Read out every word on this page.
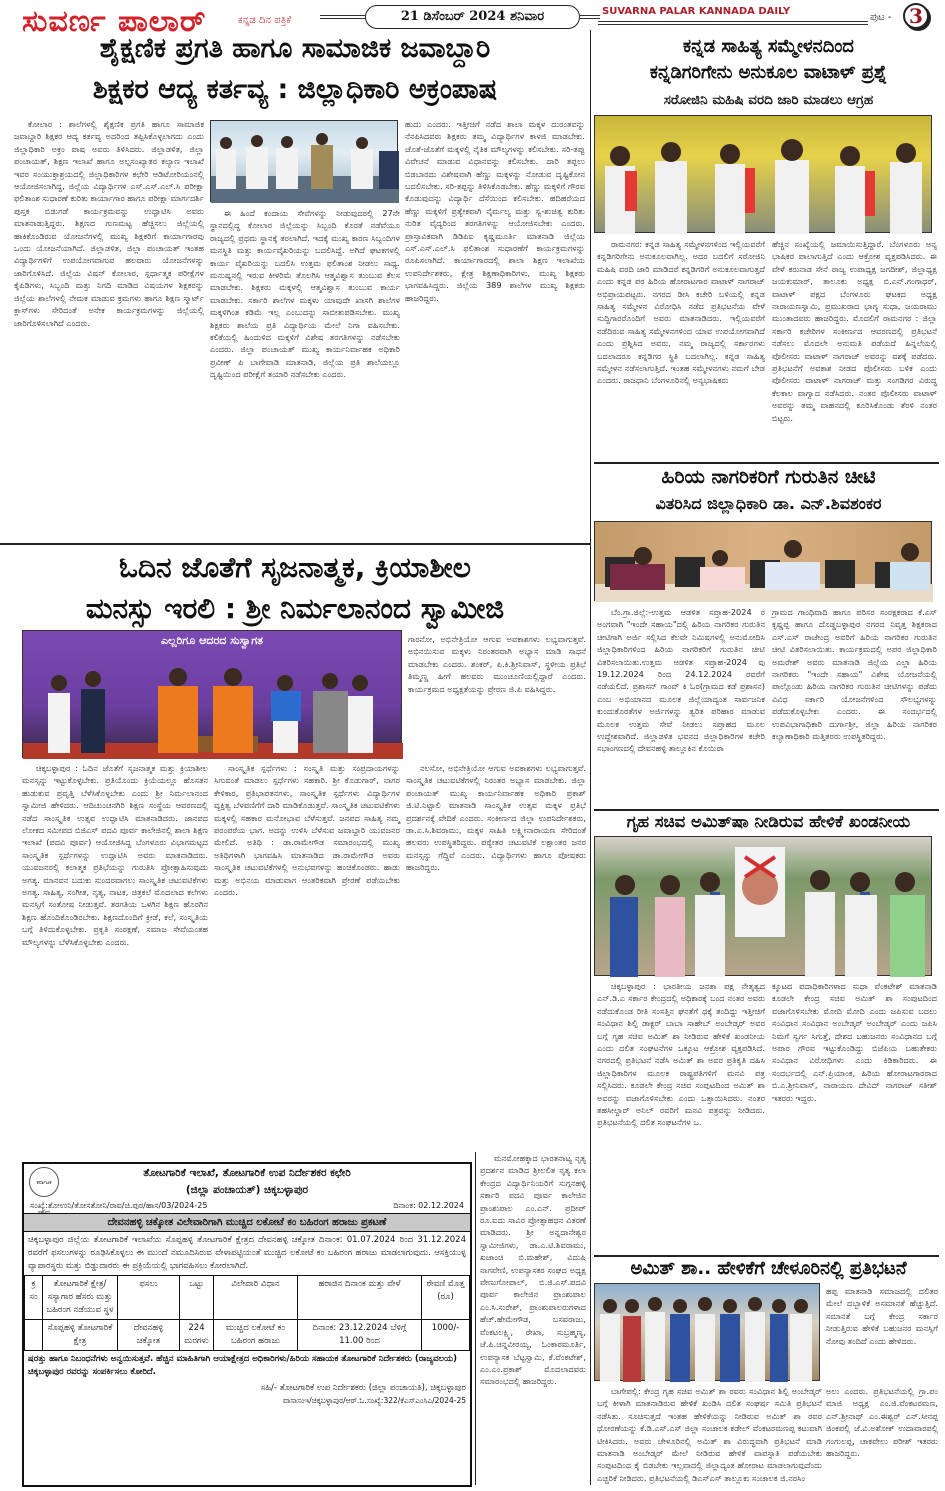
ಸುವರ್ಣ ಪಾಲಾರ್	ಕನ್ನಡ ದಿನ ಪತ್ರಿಕೆ	21 ಡಿಸೆಂಬರ್ 2024 ಶನಿವಾರ	SUVARNA PALAR KANNADA DAILY
ಪುಟ - 3
ಶೈಕ್ಷಣಿಕ ಪ್ರಗತಿ ಹಾಗೂ ಸಾಮಾಜಿಕ ಜವಾಬ್ದಾರಿ
ಶಿಕ್ಷಕರ ಆದ್ಯ ಕರ್ತವ್ಯ : ಜಿಲ್ಲಾಧಿಕಾರಿ ಅಕ್ರಂಪಾಷ
ಕೋಲಾರ : ಶಾಲೆಗಳಲ್ಲಿ ಶೈಕ್ಷಣಿಕ ಪ್ರಗತಿ ಹಾಗೂ ಸಾಮಾಜಿಕ ಜವಾಬ್ದಾರಿ ಶಿಕ್ಷಕರ ಆದ್ಯ ಕರ್ತವ್ಯ ಅದರಿಂದ ತಪ್ಪಿಸಿಕೊಳ್ಳಲಾಗದು ಎಂದು ಜಿಲ್ಲಾಧಿಕಾರಿ ಅಕ್ರಂ ಪಾಷ ಅವರು ತಿಳಿಸಿದರು. ಜಿಲ್ಲಾಡಳಿತ, ಜಿಲ್ಲಾ ಪಂಚಾಯತ್, ಶಿಕ್ಷಣ ಇಲಾಖೆ ಹಾಗೂ ಅಲ್ಪಸಂಖ್ಯಾತರ ಕಲ್ಯಾಣ ಇಲಾಖೆ ಇವರ ಸಂಯುಕ್ತಾಶ್ರಯದಲ್ಲಿ ಜಿಲ್ಲಾಧಿಕಾರಿಗಳ ಕಛೇರಿ ಆಡಿಟೋರಿಯಂನಲ್ಲಿ ಆಯೋಜಿಸಲಾಗಿದ್ದ, ಜಿಲ್ಲೆಯ ವಿದ್ಯಾರ್ಥಿಗಳ ಎಸ್.ಎಸ್.ಎಲ್.ಸಿ ಪರೀಕ್ಷಾ ಫಲಿತಾಂಶ ಸುಧಾರಣೆ ಕುರಿತು ಕಾರ್ಯಾಗಾರ ಹಾಗೂ ಪರೀಕ್ಷಾ ಮಾರ್ಗದರ್ಶಿ ಪುಸ್ತಕ ಬಿಡುಗಡೆ ಕಾರ್ಯಕ್ರಮವನ್ನು ಉದ್ಘಾಟಿಸಿ ಅವರು ಮಾತನಾಡುತ್ತಿದ್ದರು. ಶಿಕ್ಷಣದ ಗುಣಮಟ್ಟ ಹೆಚ್ಚಿಸಲು ಜಿಲ್ಲೆಯಲ್ಲಿ ಹಾಕಿಕೊಂಡಿರುವ ಯೋಜನೆಗಳಲ್ಲಿ ಮುಖ್ಯ ಶಿಕ್ಷಕರಿಗೆ ಕಾರ್ಯಾಗಾರವು ಒಂದು ಯೋಜನೆಯಾಗಿದೆ. ಜಿಲ್ಲಾಡಳಿತ, ಜಿಲ್ಲಾ ಪಂಚಾಯತ್ ಇಂತಹ ವಿದ್ಯಾರ್ಥಿಗಳಿಗೆ ಉಪಯೋಗವಾಗುವ ಹಲವಾರು ಯೋಜನೆಗಳನ್ನು ಜಾರಿಗೊಳಿಸಿದೆ. ಜಿಲ್ಲೆಯ ವಿಷನ್ ಕೋಲಾರ, ಸ್ಪರ್ಧಾತ್ಮಕ ಪರೀಕ್ಷೆಗಳ ಕೈಪಿಡಿಗಳು, ಸಿಬ್ಬಂದಿ ಮತ್ತು ನಿಗದಿ ಮಾಡಿದ ವಿಷಯಗಳ ಶಿಕ್ಷಕರನ್ನು ಜಿಲ್ಲೆಯ ಶಾಲೆಗಳಲ್ಲಿ ನೇಮಕ ಮಾಡುವ ಕ್ರಮಗಳು ಹಾಗೂ ಶಿಕ್ಷಣ ಸ್ಮಾರ್ಟ್ ಕ್ಲಾಸ್‌ಗಳು ಸೇರಿದಂತೆ ಅನೇಕ ಕಾರ್ಯಕ್ರಮಗಳನ್ನು ಜಿಲ್ಲೆಯಲ್ಲಿ ಜಾರಿಗೊಳಿಸಲಾಗಿದೆ ಎಂದರು.
ಈ ಹಿಂದೆ ಕಂದಾಯ ಸೇವೆಗಳನ್ನು ನೀಡುವುದರಲ್ಲಿ 27ನೇ ಸ್ಥಾನದಲ್ಲಿದ್ದ ಕೋಲಾರ ಜಿಲ್ಲೆಯನ್ನು ಸಿಬ್ಬಂದಿ ಕೊರತೆ ನಡೆವೆಯೂ ರಾಜ್ಯದಲ್ಲಿ ಪ್ರಥಮ ಸ್ಥಾನಕ್ಕೆ ತರಲಾಗಿದೆ. ಇದಕ್ಕೆ ಮುಖ್ಯ ಕಾರಣ ಸಿಬ್ಬಂದಿಗಳ ಮನಸ್ಥಿತಿ ಮತ್ತು ಕಾರ್ಯವೈಖರಿಯನ್ನು ಬದಲಿಸಿದ್ದೆ. ಅಗಿದೆ ಘಟಕಗಳಲ್ಲಿ ಕಾರ್ಯ ವೈಖರಿಯನ್ನು ಬದಲಿಸಿ ಉತ್ತಮ ಫಲಿತಾಂಶ ನೀಡಲು ಸಾಧ್ಯ. ಮನುಷ್ಯನಲ್ಲಿ ಇರುವ ಕೀಳರಿಮೆ ತೊಲಗಿಸಿ ಆತ್ಮವಿಶ್ವಾಸ ತುಂಬುವ ಕೆಲಸ ಮಾಡಬೇಕು. ಶಿಕ್ಷಕರು ಮಕ್ಕಳಲ್ಲಿ ಆತ್ಮವಿಶ್ವಾಸ ತುಂಬುವ ಕಾರ್ಯ ಮಾಡಬೇಕು. ಸರ್ಕಾರಿ ಶಾಲೆಗಳ ಮಕ್ಕಳು ಯಾವುದೇ ಖಾಸಗಿ ಶಾಲೆಗಳ ಮಕ್ಕಳಿಗಿಂತ ಕಡಿಮೆ ಇಲ್ಲ ಎಂಬುದನ್ನು ಸಾಬೀತುಪಡಿಸಬೇಕು. ಮುಖ್ಯ ಶಿಕ್ಷಕರು ಶಾಲೆಯ ಪ್ರತಿ ವಿದ್ಯಾರ್ಥಿಯ ಮೇಲೆ ನಿಗಾ ವಹಿಸಬೇಕು. ಕಲಿಕೆಯಲ್ಲಿ ಹಿಂದುಳಿದ ಮಕ್ಕಳಿಗೆ ವಿಶೇಷ ತರಗತಿಗಳನ್ನು ನಡೆಸಬೇಕು ಎಂದರು. ಜಿಲ್ಲಾ ಪಂಚಾಯತ್ ಮುಖ್ಯ ಕಾರ್ಯನಿರ್ವಾಹಕ ಅಧಿಕಾರಿ ಪ್ರವೀಣ್ ಪಿ ಬಾಗೇವಾಡಿ ಮಾತನಾಡಿ, ಜಿಲ್ಲೆಯ ಪ್ರತಿ ಶಾಲೆಯಲ್ಲೂ ದೃಷ್ಟಿಯಿಂದ ಪರೀಕ್ಷೆಗೆ ತಯಾರಿ ನಡೆಸಬೇಕು ಎಂದರು.
ಹುದು ಎಂದರು. ಇತ್ತೀಚಿಗೆ ನಡೆದ ಶಾಲಾ ಮಕ್ಕಳ ದುರಂತವನ್ನು ನೆನಪಿಸಿದವರು ಶಿಕ್ಷಕರು ತಮ್ಮ ವಿದ್ಯಾರ್ಥಿಗಳ ಕಾಳಜಿ ಮಾಡಬೇಕು. ಜೊತೆ-ಜೊತೆಗೆ ಮಕ್ಕಳಲ್ಲಿ ನೈತಿಕ ಮೌಲ್ಯಗಳನ್ನು ಕಲಿಸಬೇಕು. ಸರಿ-ತಪ್ಪು ವಿವೇಚನೆ ಮಾಡುವ ವಿಧಾನವನ್ನು ಕಲಿಸಬೇಕು. ದಾರಿ ತಪ್ಪಲು ಬಿಡಬಾರದು ವಿಶೇಷವಾಗಿ ಹೆಣ್ಣು ಮಕ್ಕಳನ್ನು ನೋಡುವ ದೃಷ್ಟಿಕೋನ ಬದಲಿಸಬೇಕು. ಸರಿ-ತಪ್ಪನ್ನು ತಿಳಿಸಿಕೊಡಬೇಕು. ಹೆಣ್ಣು ಮಕ್ಕಳಿಗೆ ಗೌರವ ಕೊಡುವುದನ್ನು ವಿದ್ಯಾರ್ಥಿ ದೆಸೆಯಿಂದ ಕಲಿಸಬೇಕು. ಹದಿಹರೆಯದ ಹೆಣ್ಣು ಮಕ್ಕಳಿಗೆ ಪ್ರತ್ಯೇಕವಾಗಿ ನೈರ್ಮಲ್ಯ ಮತ್ತು ಸ್ವ-ಶುಚಿತ್ವ ಕುರಿತು ನುರಿತ ವೈದ್ಯರಿಂದ ತರಗತಿಗಳನ್ನು ಆಯೋಜಿಸಬೇಕು ಎಂದರು. ಪ್ರಾಸ್ತಾವಿಕವಾಗಿ ಡಿಡಿಪಿಐ ಕೃಷ್ಣಮೂರ್ತಿ ಮಾತನಾಡಿ ಜಿಲ್ಲೆಯ ಎಸ್.ಎಸ್.ಎಲ್.ಸಿ ಫಲಿತಾಂಶ ಸುಧಾರಣೆಗೆ ಕಾರ್ಯಕ್ರಮಗಳನ್ನು ರೂಪಿಸಲಾಗಿದೆ. ಕಾರ್ಯಾಗಾರದಲ್ಲಿ ಶಾಲಾ ಶಿಕ್ಷಣ ಇಲಾಖೆಯ ಉಪನಿರ್ದೇಶಕರು, ಕ್ಷೇತ್ರ ಶಿಕ್ಷಣಾಧಿಕಾರಿಗಳು, ಮುಖ್ಯ ಶಿಕ್ಷಕರು ಭಾಗವಹಿಸಿದ್ದರು. ಜಿಲ್ಲೆಯ 389 ಶಾಲೆಗಳ ಮುಖ್ಯ ಶಿಕ್ಷಕರು ಹಾಜರಿದ್ದರು.
ಕನ್ನಡ ಸಾಹಿತ್ಯ ಸಮ್ಮೇಳನದಿಂದ
ಕನ್ನಡಿಗರಿಗೇನು ಅನುಕೂಲ ವಾಟಾಳ್ ಪ್ರಶ್ನೆ
ಸರೋಜಿನಿ ಮಹಿಷಿ ವರದಿ ಜಾರಿ ಮಾಡಲು ಆಗ್ರಹ
ರಾಮನಗರ: ಕನ್ನಡ ಸಾಹಿತ್ಯ ಸಮ್ಮೇಳನಗಳಿಂದ ಇಲ್ಲಿಯವರೆಗೆ ಕನ್ನಡಿಗರಿಗೇನು ಅನುಕೂಲವಾಗಿಲ್ಲ. ಅದರ ಬದಲಿಗೆ ಸರೋಜಿನಿ ಮಹಿಷಿ ವರದಿ ಜಾರಿ ಮಾಡಿದರೆ ಕನ್ನಡಿಗರಿಗೆ ಅನುಕೂಲವಾಗುತ್ತದೆ ಎಂದು ಕನ್ನಡ ಪರ ಹಿರಿಯ ಹೋರಾಟಗಾರ ವಾಟಾಳ್ ನಾಗರಾಜ್ ಅಭಿಪ್ರಾಯಪಟ್ಟರು. ನಗರದ ಡೀಸಿ ಕಚೇರಿ ಬಳಿಯಲ್ಲಿ ಕನ್ನಡ ಸಾಹಿತ್ಯ ಸಮ್ಮೇಳನ ವಿರೋಧಿಸಿ ನಡೆದ ಪ್ರತಿಭಟನೆಯ ವೇಳೆ ಸುದ್ದಿಗಾರರೊಂದಿಗೆ ಅವರು ಮಾತನಾಡಿದರು. ಇಲ್ಲಿಯವರೆಗೆ ನಡೆದಿರುವ ಸಾಹಿತ್ಯ ಸಮ್ಮೇಳನಗಳಿಂದ ಯಾವ ಉಪಯೋಗವಾಗಿದೆ ಎಂದು ಪ್ರಶ್ನಿಸಿದ ಅವರು, ನಮ್ಮ ರಾಜ್ಯದಲ್ಲಿ ಸರ್ಕಾರಗಳು ಬದಲಾದರೂ ಕನ್ನಡಿಗರ ಸ್ಥಿತಿ ಬದಲಾಗಿಲ್ಲ. ಕನ್ನಡ ಸಾಹಿತ್ಯ ಸಮ್ಮೇಳನ ನಡೆಸಲಾಗುತ್ತಿದೆ. ಇಂತಹ ಸಮ್ಮೇಳನಗಳು ನಮಗೆ ಬೇಡ ಎಂದರು. ರಾಜಧಾನಿ ಬೆಂಗಳೂರಿನಲ್ಲಿ ಅನ್ಯಭಾಷಿಕರು
ಹೆಚ್ಚಿನ ಸಂಖ್ಯೆಯಲ್ಲಿ ಜಮಾಯಿಸುತ್ತಿದ್ದಾರೆ. ಬೆಂಗಳೂರು ಅನ್ಯ ಭಾಷಿಕರ ಪಾಲಾಗುತ್ತಿದೆ ಎಂದು ಆಕ್ರೋಶ ವ್ಯಕ್ತಪಡಿಸಿದರು. ಈ ವೇಳೆ ಕರುನಾಡ ಸೇನೆ ರಾಜ್ಯ ಉಪಾಧ್ಯಕ್ಷ ಜಗದೀಶ್, ಜಿಲ್ಲಾಧ್ಯಕ್ಷ ಜಯಕುಮಾರ್, ತಾಲೂಕು ಅಧ್ಯಕ್ಷ ಬಿ.ಎನ್.ಗಂಗಾಧರ್, ವಾಟಾಳ್ ಪಕ್ಷದ ಬೆಂಗಳೂರು ಘಟಕದ ಅಧ್ಯಕ್ಷ ನಾರಾಯಣಸ್ವಾಮಿ, ಪ್ರಮುಖರಾದ ಭಾಗ್ಯ ಸುಧಾ, ಜಯರಾಮು ಮುಂತಾದವರು ಹಾಜರಿದ್ದರು. ಮೊದಲಿಗೆ ರಾಮನಗರ : ಜಿಲ್ಲಾ ಸರ್ಕಾರಿ ಕಚೇರಿಗಳ ಸಂಕೀರ್ಣದ ಆವರಣದಲ್ಲಿ ಪ್ರತಿಭಟನೆ ನಡೆಸಲು ಮೊದಲೇ ಅನುಮತಿ ಪಡೆಯದೆ ಹಿನ್ನಲೆಯಲ್ಲಿ ಪೊಲೀಸರು ವಾಟಾಳ್ ನಾಗರಾಜ್ ಅವರನ್ನು ವಶಕ್ಕೆ ಪಡೆದರು. ಪ್ರತಿಭಟನೆಗೆ ಅವಕಾಶ ನೀಡದ ಪೊಲೀಸರು ಬಳಿಕ ಎಂದು ಪೊಲೀಸರು ವಾಟಾಳ್ ನಾಗರಾಜ್ ಮತ್ತು ಸಂಗಡಿಗರ ವಿರುದ್ಧ ಕೆಲಕಾಲ ವಾಗ್ವಾದ ನಡೆಸಿದರು. ನಂತರ ಪೊಲೀಸರು ವಾಟಾಳ್ ಅವರನ್ನು ತಮ್ಮ ವಾಹನದಲ್ಲಿ ಕೂರಿಸಿಕೊಂಡು ತೆರಳಿ ನಂತರ ಬಿಟ್ಟರು.
ಹಿರಿಯ ನಾಗರಿಕರಿಗೆ ಗುರುತಿನ ಚೀಟಿ
ವಿತರಿಸಿದ ಜಿಲ್ಲಾಧಿಕಾರಿ ಡಾ. ಎನ್.ಶಿವಶಂಕರ
ಬೆಂ.ಗ್ರಾ.ಜಿಲ್ಲೆ:-ಉತ್ತಮ ಆಡಳಿತ ಸಪ್ತಾಹ-2024 ರ ಅಂಗವಾಗಿ "ಇಂದೇ ಸಹಾಯ"ದಲ್ಲಿ ಹಿರಿಯ ನಾಗರಿಕರ ಗುರುತಿನ ಚೀಟಿಗಾಗಿ ಅರ್ಜಿ ಸಲ್ಲಿಸಿದ ಕೆಲವೇ ನಿಮಿಷಗಳಲ್ಲಿ ಅನುಮೋದಿಸಿ ಜಿಲ್ಲಾಧಿಕಾರಿಗಳಿಂದ ಹಿರಿಯ ನಾಗರಿಕರಿಗೆ ಗುರುತಿನ ಚೀಟಿ ವಿತರಿಸಲಾಯಿತು.ಉತ್ತಮ ಆಡಳಿತ ಸಪ್ತಾಹ-2024 ವು 19.12.2024 ರಿಂದ 24.12.2024 ರವರೆಗೆ ನಡೆಯಲಿದೆ. ಪ್ರಶಾಸನ್ ಗಾಂವ್ ಕಿ ಓರ(ಗ್ರಾಮದ ಕಡೆ ಪ್ರಶಾಸನ) ಎಂಬ ಅಭಿಯಾನದ ಮೂಲಕ ಜಿಲ್ಲೆಯಾದ್ಯಂತ ಸಾರ್ವಜನಿಕ ಕುಂದುಕೊರತೆಗಳ ಅರ್ಜಿಗಳನ್ನು ತ್ವರಿತ ಪರಿಹಾರ ಮಾಡುವ ಮೂಲಕ ಉತ್ತಮ ಸೇವೆ ನೀಡಲು ಸಪ್ತಾಹದ ಮೂಲ ಉದ್ದೇಶವಾಗಿದೆ. ಜಿಲ್ಲಾಡಳಿತ ಭವನದ ಜಿಲ್ಲಾಧಿಕಾರಿಗಳ ಕಚೇರಿ ಸಭಾಂಗಣದಲ್ಲಿ ದೇವನಹಳ್ಳಿ ತಾಲ್ಲೂಕಿನ ಕೊಯಿರಾ
ಗ್ರಾಮದ ಗಾಂಧಿವಾದಿ ಹಾಗೂ ಪರಿಸರ ಸಂರಕ್ಷಕರಾದ ಕೆ.ಎಸ್ ಕೃಷ್ಣಪ್ಪ ಹಾಗೂ ದೊಡ್ಡಬಳ್ಳಾಪುರ ನಗರದ ನಿವೃತ್ತ ಶಿಕ್ಷಕರಾದ ಎಸ್.ಎಸ್ ರಾಜೇಂದ್ರ ಅವರಿಗೆ ಹಿರಿಯ ನಾಗರಿಕರ ಗುರುತಿನ ಚೀಟಿ ವಿತರಿಸಲಾಯಿತು. ಕಾರ್ಯಕ್ರಮದಲ್ಲಿ ಅಪರ ಜಿಲ್ಲಾಧಿಕಾರಿ ಅಮರೇಶ್ ಅವರು ಮಾತನಾಡಿ ಜಿಲ್ಲೆಯ ಎಲ್ಲಾ ಹಿರಿಯ ನಾಗರಿಕರು "ಇಂದೇ ಸಹಾಯ" ವಿಶೇಷ ಯೋಜನೆಯಲ್ಲಿ ಪಾಲ್ಗೊಂಡು ಹಿರಿಯ ನಾಗರಿಕರ ಗುರುತಿನ ಚೀಟಿಗಳನ್ನು ಪಡೆದು ವಿವಿಧ ಸರ್ಕಾರಿ ಯೋಜನೆಗಳಿಂದ ಸೌಲಭ್ಯಗಳನ್ನು ಪಡೆದುಕೊಳ್ಳಬೇಕು ಎಂದರು. ಈ ಸಂದರ್ಭದಲ್ಲಿ ಉಪವಿಭಾಗಾಧಿಕಾರಿ ದುರ್ಗಾಶ್ರೀ, ಜಿಲ್ಲಾ ಹಿರಿಯ ನಾಗರಿಕರ ಕಲ್ಯಾಣಾಧಿಕಾರಿ ಮತ್ತಿತರರು ಉಪಸ್ಥಿತರಿದ್ದರು.
ಗೃಹ ಸಚಿವ ಅಮಿತ್‌ಷಾ ನೀಡಿರುವ ಹೇಳಿಕೆ ಖಂಡನೀಯ
ಚಿಕ್ಕಬಳ್ಳಾಪುರ : ಭಾರತೀಯ ಜನತಾ ಪಕ್ಷ ನೇತೃತ್ವದ ಎನ್.ಡಿ.ಎ ಸರ್ಕಾರ ಕೇಂದ್ರದಲ್ಲಿ ಅಧಿಕಾರಕ್ಕೆ ಬಂದ ನಂತರ ಅವರು ನಡೆದುಕೊಂಡ ರೀತಿ ಸಂಸತ್ತಿನ ಘನತೆಗೆ ಧಕ್ಕೆ ತಂದಿದ್ದು ಇತ್ತೀಚಿಗೆ ಸಂವಿಧಾನ ಶಿಲ್ಪಿ ಡಾಕ್ಟರ್ ಬಾಬಾ ಸಾಹೇಬ್ ಅಂಬೇಡ್ಕರ್ ಅವರ ಬಗ್ಗೆ ಗೃಹ ಸಚಿವ ಅಮಿತ್ ಶಾ ನೀಡಿರುವ ಹೇಳಿಕೆ ಖಂಡನೀಯ ಎಂದು ದಲಿತ ಸಂಘಟನೆಗಳ ಒಕ್ಕೂಟ ಆಕ್ರೋಶ ವ್ಯಕ್ತಪಡಿಸಿದೆ. ನಗರದಲ್ಲಿ ಪ್ರತಿಭಟನೆ ನಡೆಸಿ ಅಮಿತ್ ಶಾ ಅವರ ಪ್ರತಿಕೃತಿ ದಹಿಸಿ ಜಿಲ್ಲಾಧಿಕಾರಿಗಳ ಮೂಲಕ ರಾಷ್ಟ್ರಪತಿಗಳಿಗೆ ಮನವಿ ಪತ್ರ ಸಲ್ಲಿಸಿದರು. ಕೂಡಲೇ ಕೇಂದ್ರ ಸಚಿವ ಸಂಪುಟದಿಂದ ಅಮಿತ್ ಶಾ ಅವರನ್ನು ವಜಾಗೊಳಿಸಬೇಕು ಎಂದು ಒತ್ತಾಯಿಸಿದರು. ನಂತರ ತಹಸೀಲ್ದಾರ್ ಅನಿಲ್ ರವರಿಗೆ ಮನವಿ ಪತ್ರವನ್ನು ನೀಡಿದರು. ಪ್ರತಿಭಟನೆಯಲ್ಲಿ ದಲಿತ ಸಂಘಟನೆಗಳ ಒ.
ಕ್ಕೂಟದ ಪದಾಧಿಕಾರಿಗಳಾದ ಸುಧಾ ವೆಂಕಟೇಶ್ ಮಾತನಾಡಿ ಕೂಡಲೇ ಕೇಂದ್ರ ಸಚಿವ ಅಮಿತ್ ಶಾ ಸಂಪುಟದಿಂದ ವಜಾಗೊಳಿಸಬೇಕು ಮೋದಿ ಮೋದಿ ಎಂದು ಜಪಿಸುವ ಬದಲು ಸಂವಿಧಾನ ಸಂವಿಧಾನ ಅಂಬೇಡ್ಕರ್ ಅಂಬೇಡ್ಕರ್ ಎಂದು ಜಪಿಸಿ ನಿಮಗೆ ಸ್ವರ್ಗ ಸಿಗುತ್ತೆ, ದೇಶದ ಬಹುಜನರು ಸಂವಿಧಾನದ ಬಗ್ಗೆ ಅಪಾರ ಗೌರವ ಇಟ್ಟುಕೊಂಡಿದ್ದು ಬಿಜೆಪಿಯ ಬಹುತೇಕರು ಸಂವಿಧಾನ ವಿರೋಧಿಗಳು ಎಂದು ಕಿಡಿಕಾರಿದರು. ಈ ಸಂದರ್ಭದಲ್ಲಿ ಎನ್.ಪ್ರಿಯಾಂಕ, ಹಿರಿಯ ಹೋರಾಟಗಾರರಾದ ಬಿ.ಎ.ಶ್ರೀನಿವಾಸ್, ನಾರಾಯಣ ದೇವಿದ್ ನಾಗರಾಜ್ ಸತೀಶ್ ಇತರರು ಇದ್ದರು.
ಅಮಿತ್ ಶಾ.. ಹೇಳಿಕೆಗೆ ಚೇಳೂರಿನಲ್ಲಿ ಪ್ರತಿಭಟನೆ
ಹಪ್ಪ ಮಾತನಾಡಿ ಸಮಾಜದಲ್ಲಿ ದಲಿತರ ಮೇಲೆ ದಬ್ಬಾಳಿಕೆ ಅಸಮಾನತೆ ಹೆಚ್ಚುತ್ತಿದೆ. ಸಮಾನತೆ ಬಗ್ಗೆ ಕೇಂದ್ರ ಸರ್ಕಾರ ನೀಡುತ್ತಿರುವ ಹೇಳಿಕೆ ಬಹುಜನರ ಮನಸ್ಸಿಗೆ ನೋವು ತಂದಿದೆ ಎಂದು ಹೇಳಿದರು.
ಬಾಗೇಪಲ್ಲಿ: ಕೇಂದ್ರ ಗೃಹ ಸಚಿವ ಅಮಿತ್ ಶಾ ರವರು ಸಂವಿಧಾನ ಶಿಲ್ಪಿ ಅಂಬೇಡ್ಕರ್ ಬಗ್ಗೆ ಕೀಳಾಗಿ ಮಾತನಾಡಿರುವ ಹೇಳಿಕೆ ಖಂಡಿಸಿ ದಲಿತ ಸಂಘರ್ಷ ಸಮಿತಿ ಪ್ರತಿಭಟನೆ ನಡೆಸಿತು. ಸೂಚಿಸುತ್ತದೆ ಇಂತಹ ಹೇಳಿಕೆಯನ್ನು ನೀಡಿರುವ ಅಮಿತ್ ಶಾ ರವರ ಧೋರಣೆಯನ್ನು ಕೆ.ಡಿ.ಎಸ್.ಎಸ್ ಜಿಲ್ಲಾ ಸಂಚಾಲಕ ಕಡೇಲ್ ವೆಂಕಟರಮಣಪ್ಪ ಕಟುವಾಗಿ ಟೀಕಿಸಿದರು. ಅವರು ಚೇಳೂರಿನಲ್ಲಿ ಅಮಿತ್ ಶಾ ವಿರುದ್ಧವಾಗಿ ಪ್ರತಿಭಟನೆ ಮಾಡಿ ಮಾತನಾಡಿ ಅಂಬೇಡ್ಕರ್ ಮೇಲೆ ನೀಡಿರುವ ಹೇಳಿಕೆ ವಾಪಸ್ಸಾತಿ ಪಡೆಯಬೇಕು ಸಂಪುಟದಿಂದ ಕೈ ಬಿಡಬೇಕು ಇಲ್ಲವಾದಲ್ಲಿ ಜಿಲ್ಲಾದ್ಯಂತ ಹೋರಾಟ ಮಾಡಲಾಗುವುದೆಂದು ಎಚ್ಚರಿಕೆ ನೀಡಿದರು. ಪ್ರತಿಭಟನೆಯಲ್ಲಿ ಡಿಎಸ್‌ಎಸ್ ತಾಲ್ಲೂಕು ಸಂಚಾಲಕ ಜಿ.ನರಸಿಂ
ಅಲು ಎಂದರು. ಪ್ರತಿಭಟನೆಯಲ್ಲಿ ಗ್ರಾ.ಪಂ ಮಾಜಿ ಅಧ್ಯಕ್ಷ ಎಂ.ಜಿ.ವೆಂಕಟರಮಣ, ಎನ್.ಶ್ರೀನಾಥ್ ಎಂ.ಈಶ್ವರ್ ಎನ್.ಸೀನಪ್ಪ ಜಿಂಕಪಲ್ಲಿ ಜೆ.ವಿ.ಅಶೋಕ್ ಉದಾವಾರಪಲ್ಲಿ ಗಂಗುಲಪ್ಪ, ಚಾಕವೇಲು ಪರೀಶ್ ಇತರರು ಹಾಜರಿದ್ದರು.
ಓದಿನ ಜೊತೆಗೆ ಸೃಜನಾತ್ಮಕ, ಕ್ರಿಯಾಶೀಲ
ಮನಸ್ಸು ಇರಲಿ : ಶ್ರೀ ನಿರ್ಮಲಾನಂದ ಸ್ವಾಮೀಜಿ
ಎಲ್ಲರಿಗೂ ಆದರದ ಸುಸ್ವಾಗತ	ಗಾರನೋ, ಅಭಿನೇತ್ರಿಯೋ ಆಗುವ ಅವಕಾಶಗಳು ಲಭ್ಯವಾಗುತ್ತವೆ. ಅಭಿನಯಿಸುವ ಮಕ್ಕಳು ನಿರಂತರವಾಗಿ ಅಭ್ಯಾಸ ಮಾಡಿ ಸಾಧನೆ ಮಾಡಬೇಕು ಎಂದರು. ಶಂಕರ್, ಪಿ.ಕಿ.ಶ್ರೀನಿವಾಸ್, ಸ್ಥಳೀಯ ಪ್ರತಿಭೆ ತಿಮ್ಮಣ್ಣ ಹೀಗೆ ಹಲವರು ಮುಂಚೂಣಿಯಲ್ಲಿದ್ದಾರೆ ಎಂದರು. ಕಾರ್ಯಕ್ರಮದ ಅಧ್ಯಕ್ಷತೆಯನ್ನು ಪ್ರೇರಣ ಜಿ.ಪಿ ವಹಿಸಿದ್ದರು.
ಚಿಕ್ಕಬಳ್ಳಾಪುರ : ಓದಿನ ಜೊತೆಗೆ ಸೃಜನಾತ್ಮಕ ಮತ್ತು ಕ್ರಿಯಾಶೀಲ ಮನಸ್ಸನ್ನು ಇಟ್ಟುಕೊಳ್ಳಬೇಕು. ಪ್ರತಿಯೊಂದು ಕ್ರಿಯೆಯಲ್ಲೂ ಹೊಸತನ ಹುಡುಕುವ ಪ್ರವೃತ್ತಿ ಬೆಳೆಸಿಕೊಳ್ಳಬೇಕು ಎಂದು ಶ್ರೀ ನಿರ್ಮಲಾನಂದ ಸ್ವಾಮೀಜಿ ಹೇಳಿದರು. ಆದಿಚುಂಚನಗಿರಿ ಶಿಕ್ಷಣ ಸಂಸ್ಥೆಯ ಆವರಣದಲ್ಲಿ ನಡೆದ ಸಾಂಸ್ಕೃತಿಕ ಉತ್ಸವ ಉದ್ಘಾಟಿಸಿ ಮಾತನಾಡಿದರು. ಜಾನಪದ ಲೋಕದ ಸಮೀಪದ ಬಿಜಿಎಸ್ ಪದವಿ ಪೂರ್ವ ಕಾಲೇಜಿನಲ್ಲಿ ಶಾಲಾ ಶಿಕ್ಷಣ ಇಲಾಖೆ (ಪದವಿ ಪೂರ್ವ) ಆಯೋಜಿಸಿದ್ದ ಬೆಂಗಳೂರು ವಿಭಾಗಮಟ್ಟದ ಸಾಂಸ್ಕೃತಿಕ ಸ್ಪರ್ಧೆಗಳನ್ನು ಉದ್ಘಾಟಿಸಿ ಅವರು ಮಾತನಾಡಿದರು. ಯುವಜನರಲ್ಲಿ ಕಲಾತ್ಮಕ ಪ್ರತಿಭೆಯನ್ನು ಗುರುತಿಸಿ ಪ್ರೋತ್ಸಾಹಿಸುವುದು ಅಗತ್ಯ. ಮಾನವನ ಬದುಕು ಸುಂದರವಾಗಲು ಸಾಂಸ್ಕೃತಿಕ ಚಟುವಟಿಕೆಗಳು ಅಗತ್ಯ. ಸಾಹಿತ್ಯ, ಸಂಗೀತ, ನೃತ್ಯ, ನಾಟಕ, ಚಿತ್ರಕಲೆ ಮೊದಲಾದ ಕಲೆಗಳು ಮನಸ್ಸಿಗೆ ಸಂತೋಷ ನೀಡುತ್ತವೆ. ತರಗತಿಯ ಒಳಗಿನ ಶಿಕ್ಷಣ ಹೊರಗಿನ ಶಿಕ್ಷಣ ಹೊಂದಿಕೊಂಡಿರಬೇಕು. ಶಿಕ್ಷಣದೊಂದಿಗೆ ಕ್ರೀಡೆ, ಕಲೆ, ಸಂಸ್ಕೃತಿಯ ಬಗ್ಗೆ ತಿಳಿದುಕೊಳ್ಳಬೇಕು. ಪ್ರಕೃತಿ ಸಂರಕ್ಷಣೆ, ಸಮಾಜ ಸೇವೆಯಂತಹ ಮೌಲ್ಯಗಳನ್ನು ಬೆಳೆಸಿಕೊಳ್ಳಬೇಕು ಎಂದರು.
ಸಾಂಸ್ಕೃತಿಕ ಸ್ಪರ್ಧೆಗಳು : ಸಂಸ್ಕೃತಿ ಮತ್ತು ಸಂಪ್ರದಾಯಗಳನ್ನು ಸಿಗುವಂತೆ ಮಾಡಲು ಸ್ಪರ್ಧೆಗಳು ಸಹಕಾರಿ. ಶ್ರೀ ಕೊಡುಗಾರ್, ನಾಗರ ಕೇಳಿಕಾರ, ಪ್ರತಿಭಾಪತನಗಳು, ಸಾಂಸ್ಕೃತಿಕ ಸ್ಪರ್ಧೆಗಳು ವಿದ್ಯಾರ್ಥಿಗಳ ವ್ಯಕ್ತಿತ್ವ ಬೆಳವಣಿಗೆಗೆ ದಾರಿ ಮಾಡಿಕೊಡುತ್ತವೆ. ಸಾಂಸ್ಕೃತಿಕ ಚಟುವಟಿಕೆಗಳು ಮಕ್ಕಳಲ್ಲಿ ಸಹಕಾರ ಮನೋಭಾವ ಬೆಳೆಸುತ್ತವೆ. ಜನಪದ ಸಾಹಿತ್ಯ ನಮ್ಮ ಪರಂಪರೆಯ ಭಾಗ. ಅದನ್ನು ಉಳಿಸಿ ಬೆಳೆಸುವ ಜವಾಬ್ದಾರಿ ಯುವಜನರ ಮೇಲಿದೆ. ಅತಿಥಿ : ಡಾ.ರಾಮೇಗೌಡ ಸಮಾರಂಭದಲ್ಲಿ ಮುಖ್ಯ ಅತಿಥಿಗಳಾಗಿ ಭಾಗವಹಿಸಿ ಮಾತನಾಡಿದ ಡಾ.ರಾಮೇಗೌಡ ಅವರು ಸಾಂಸ್ಕೃತಿಕ ಚಟುವಟಿಕೆಗಳಲ್ಲಿ ಅನುಭವಗಳನ್ನು ಹಂಚಿಕೊಂಡರು. ಹಾಡು ಮತ್ತು ಅಭಿನಯ ಮಾಡುವಾಗ ಆಂತರಿಕವಾಗಿ ಪ್ರೇರಣೆ ಪಡೆಯಬೇಕು ಎಂದರು.
ನಲಸೋ, ಅಭಿನೇತ್ರಿಯೋ ಆಗುವ ಅವಕಾಶಗಳು ಲಭ್ಯವಾಗುತ್ತವೆ. ಸಾಂಸ್ಕೃತಿಕ ಚಟುವಟಿಕೆಗಳಲ್ಲಿ ನಿರಂತರ ಅಭ್ಯಾಸ ಮಾಡಬೇಕು. ಜಿಲ್ಲಾ ಪಂಚಾಯತ್ ಮುಖ್ಯ ಕಾರ್ಯನಿರ್ವಾಹಕ ಅಧಿಕಾರಿ ಪ್ರಕಾಶ್ ಜಿ.ಟಿ.ನಿಟ್ಟಾಲಿ ಮಾತನಾಡಿ ಸಾಂಸ್ಕೃತಿಕ ಉತ್ಸವ ಮಕ್ಕಳ ಪ್ರತಿಭೆ ಪ್ರದರ್ಶನಕ್ಕೆ ವೇದಿಕೆ ಎಂದರು. ಸಂಕೀರ್ಣದ ಜಿಲ್ಲಾ ಉಪನಿರ್ದೇಶಕರು, ಡಾ.ಎ.ಸಿ.ಶಿವರಾಮು, ಮಕ್ಕಳ ಸಾಹಿತಿ ಲಕ್ಷ್ಮೀನಾರಾಯಣ ಸೇರಿದಂತೆ ಹಲವರು ಉಪಸ್ಥಿತರಿದ್ದರು. ಪಠ್ಯೇತರ ಚಟುವಟಿಕೆ ಲಕ್ಷಾಂತರ ಜನರ ಮನಸ್ಸನ್ನು ಗೆದ್ದಿವೆ ಎಂದರು. ವಿದ್ಯಾರ್ಥಿಗಳು ಹಾಗೂ ಪೋಷಕರು ಹಾಜರಿದ್ದರು.
ಮನಮೋಹಕ್ಕಾದ ಭಾರತನಾಟ್ಯ ನೃತ್ಯ ಪ್ರದರ್ಶನ ಮಾಡಿದ ಶ್ರೀಲಲಿತ ನೃತ್ಯ ಕಲಾ ಕೇಂದ್ರದ ವಿದ್ಯಾರ್ಥಿನಿಯರಿಗೆ ಸುಗ್ಗನಹಳ್ಳಿ ಸರ್ಕಾರಿ ಪದವಿ ಪೂರ್ವ ಕಾಲೇಜಿನ ಪ್ರಾಂಶುಪಾಲ ಎಂ.ಎನ್. ಪ್ರದೀಪ್ ರೂ.ಐದು ಸಾವಿರ ಪ್ರೋತ್ಸಾಹಧನ ವಿತರಣೆ ಮಾಡಿದರು. ಶ್ರೀ ಅನ್ನದಾನೇಶ್ವರ ಸ್ವಾಮೀಜಿಗಳು, ಡಾ.ಎ.ಟಿ.ಶಿವರಾಮು, ಖಜಾಂಚಿ ಬಿ.ಮಹೇಶ್, ವಿದುಷಿ ನಾಗವೇಣಿ, ಉಪನ್ಯಾಸಕರ ಸಂಘದ ಅಧ್ಯಕ್ಷ ವೇಣುಗೋಪಾಲ್, ಬಿ.ಜಿ.ಎಸ್.ಪದವಿ ಪೂರ್ವ ಕಾಲೇಜಿನ ಪ್ರಾಂಶುಪಾಲ ಎಂ.ಸಿ.ಸುರೇಶ್, ಪ್ರಾಂಶುಪಾಲರುಗಳಾದ ಹೆಚ್.ಹೇಮೇಗೌಡ, ಬಸವರಾಜು, ವೆಂಕಟಲಕ್ಷ್ಮಿ, ರೇಖಾ, ಸುಬ್ರಹ್ಮಣ್ಯ, ಜೆ.ಪಿ.ಚನ್ನವೀರಯ್ಯ, ಓಂಕಾರಮೂರ್ತಿ, ಉಪನ್ಯಾಸಕ ಬೆಟ್ಟಸ್ವಾಮಿ, ಕೆ.ವೆಂಕಟೇಶ್, ಎಂ.ಎಂ.ಪ್ರಕಾಶ್ ಮೊದಲಾದವರು ಸಮಾರಂಭದಲ್ಲಿ ಹಾಜರಿದ್ದರು.
ಕರ್ನಾಟಕ ಸರ್ಕಾರ
ತೋಟಗಾರಿಕೆ ಇಲಾಖೆ, ತೋಟಗಾರಿಕೆ ಉಪ ನಿರ್ದೇಶಕರ ಕಛೇರಿ
(ಜಿಲ್ಲಾ ಪಂಚಾಯತ್) ಚಿಕ್ಕಬಳ್ಳಾಪುರ
ಸಂಖ್ಯೆ:ತೋಉನಿ/ತೋಸತೋನಿ/ರಾವ/ಚಿ.ಪುರ/ಹಾಸ/03/2024-25	ದಿನಾಂಕ: 02.12.2024
ದೇವನಹಳ್ಳಿ ಚಕ್ಕೋತ ವಿಲೇವಾರಿಗಾಗಿ ಮುಚ್ಚಿದ ಲಕೋಟೆ ಕಂ ಬಹಿರಂಗ ಹರಾಜು ಪ್ರಕಟಣೆ
ಚಿಕ್ಕಬಳ್ಳಾಪುರ ಜಿಲ್ಲೆಯ ತೋಟಗಾರಿಕೆ ಇಲಾಖೆಯ ಸೊಪ್ಪಹಳ್ಳಿ ತೋಟಗಾರಿಕೆ ಕ್ಷೇತ್ರದ ದೇವನಹಳ್ಳಿ ಚಕ್ಕೋತ ದಿನಾಂಕ: 01.07.2024 ರಿಂದ 31.12.2024 ರವರೆಗೆ ಫಸಲುಗಳನ್ನು ರೂಢಿಸಿಕೊಳ್ಳಲು ಈ ಮುಂದೆ ನಮೂದಿಸಿರುವ ವೇಳಾಪಟ್ಟಿಯಂತೆ ಮುಚ್ಚಿದ ಲಕೋಟೆ ಕಂ ಬಹಿರಂಗ ಹರಾಜು ಮಾಡಲಾಗುವುದು. ಆಸಕ್ತಿಯುಳ್ಳ ವ್ಯಾಪಾರಸ್ಥರು ಮತ್ತು ಬಿಡ್ಡುದಾರರು ಈ ಪ್ರಕ್ರಿಯೆಯಲ್ಲಿ ಭಾಗವಹಿಸಲು ಕೋರಲಾಗಿದೆ.
ಕ್ರ ಸಂ	ತೋಟಗಾರಿಕೆ ಕ್ಷೇತ್ರ/ಸಸ್ಯಾಗಾರ ಹೆಸರು ಮತ್ತು ಬಹಿರಂಗ ನಡೆಯುವ ಸ್ಥಳ	ಫಸಲು	ಒಟ್ಟು	ವಿಲೇವಾರಿ ವಿಧಾನ	ಹರಾಜಿನ ದಿನಾಂಕ ಮತ್ತು ವೇಳೆ	ಠೇವಣಿ ಮೊತ್ತ (ರೂ)
	ಸೊಪ್ಪಹಳ್ಳಿ ತೋಟಗಾರಿಕೆ ಕ್ಷೇತ್ರ	ದೇವನಹಳ್ಳಿ ಚಕ್ಕೋತ	224 ಮರಗಳು	ಮುಚ್ಚಿದ ಲಕೋಟೆ ಕಂ ಬಹಿರಂಗ ಹರಾಜು	ದಿನಾಂಕ: 23.12.2024 ಬೆಳಿಗ್ಗೆ 11.00 ರಿಂದ	1000/-
ಷರತ್ತು ಹಾಗೂ ನಿಬಂಧನೆಗಳು ಅನ್ವಯಿಸುತ್ತವೆ. ಹೆಚ್ಚಿನ ಮಾಹಿತಿಗಾಗಿ ಆಯಾಕ್ಷೇತ್ರದ ಅಧಿಕಾರಿಗಳು/ಹಿರಿಯ ಸಹಾಯಕ ತೋಟಗಾರಿಕೆ ನಿರ್ದೇಶಕರು (ರಾಜ್ಯವಲಯ) ಚಿಕ್ಕಬಳ್ಳಾಪುರ ರವರನ್ನು ಸಂಪರ್ಕಿಸಲು ಕೋರಿದೆ.
ಸಹಿ/- ತೋಟಗಾರಿಕೆ ಉಪ ನಿರ್ದೇಶಕರು (ಜಿಲ್ಲಾ ಪಂಚಾಯತಿ), ಚಿಕ್ಕಬಳ್ಳಾಪುರ
ವಾಸಾಸಂಇ/ಚಿಕ್ಕಬಳ್ಳಾಪುರ/ಆರ್.ಓ.ಸಂಖ್ಯೆ:322/ಕೆಎಸ್‌ಎಂಸಿಎ/2024-25
